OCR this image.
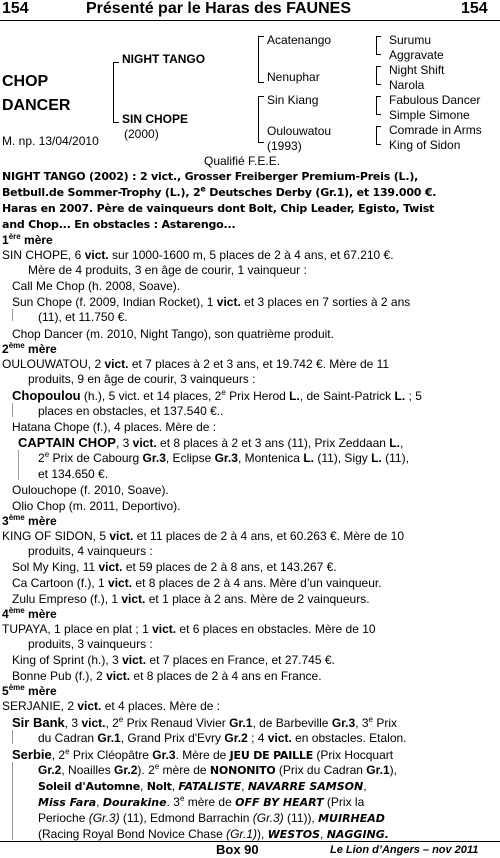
154	Présenté par le Haras des FAUNES	154
CHOP
DANCER
M. np. 13/04/2010
NIGHT TANGO
SIN CHOPE
(2000)
Acatenango
Nenuphar
Sin Kiang
Oulouwatou
(1993)
Surumu
Aggravate
Night Shift
Narola
Fabulous Dancer
Simple Simone
Comrade in Arms
King of Sidon
Qualifié F.E.E.
NIGHT TANGO (2002) : 2 vict., Grosser Freiberger Premium-Preis (L.),
Betbull.de Sommer-Trophy (L.), 2e Deutsches Derby (Gr.1), et 139.000 €.
Haras en 2007. Père de vainqueurs dont Bolt, Chip Leader, Egisto, Twist
and Chop... En obstacles : Astarengo...
1ère mère
SIN CHOPE, 6 vict. sur 1000-1600 m, 5 places de 2 à 4 ans, et 67.210 €.
Mère de 4 produits, 3 en âge de courir, 1 vainqueur :
Call Me Chop (h. 2008, Soave).
Sun Chope (f. 2009, Indian Rocket), 1 vict. et 3 places en 7 sorties à 2 ans
(11), et 11.750 €.
Chop Dancer (m. 2010, Night Tango), son quatrième produit.
2ème mère
OULOUWATOU, 2 vict. et 7 places à 2 et 3 ans, et 19.742 €. Mère de 11
produits, 9 en âge de courir, 3 vainqueurs :
Chopoulou (h.), 5 vict. et 14 places, 2e Prix Herod L., de Saint-Patrick L. ; 5
places en obstacles, et 137.540 €..
Hatana Chope (f.), 4 places. Mère de :
CAPTAIN CHOP, 3 vict. et 8 places à 2 et 3 ans (11), Prix Zeddaan L.,
2e Prix de Cabourg Gr.3, Eclipse Gr.3, Montenica L. (11), Sigy L. (11),
et 134.650 €.
Oulouchope (f. 2010, Soave).
Olio Chop (m. 2011, Deportivo).
3ème mère
KING OF SIDON, 5 vict. et 11 places de 2 à 4 ans, et 60.263 €. Mère de 10
produits, 4 vainqueurs :
Sol My King, 11 vict. et 59 places de 2 à 8 ans, et 143.267 €.
Ca Cartoon (f.), 1 vict. et 8 places de 2 à 4 ans. Mère d’un vainqueur.
Zulu Empreso (f.), 1 vict. et 1 place à 2 ans. Mère de 2 vainqueurs.
4ème mère
TUPAYA, 1 place en plat ; 1 vict. et 6 places en obstacles. Mère de 10
produits, 3 vainqueurs :
King of Sprint (h.), 3 vict. et 7 places en France, et 27.745 €.
Bonne Pub (f.), 2 vict. et 8 places de 2 à 4 ans en France.
5ème mère
SERJANIE, 2 vict. et 4 places. Mère de :
Sir Bank, 3 vict., 2e Prix Renaud Vivier Gr.1, de Barbeville Gr.3, 3e Prix
du Cadran Gr.1, Grand Prix d'Evry Gr.2 ; 4 vict. en obstacles. Etalon.
Serbie, 2e Prix Cléopâtre Gr.3. Mère de JEU DE PAILLE (Prix Hocquart
Gr.2, Noailles Gr.2). 2e mère de NONONITO (Prix du Cadran Gr.1),
Soleil d'Automne, Nolt, FATALISTE, NAVARRE SAMSON,
Miss Fara, Dourakine. 3e mère de OFF BY HEART (Prix la
Perioche (Gr.3) (11), Edmond Barrachin (Gr.3) (11)), MUIRHEAD
(Racing Royal Bond Novice Chase (Gr.1)), WESTOS, NAGGING.
Box 90	Le Lion d’Angers – nov 2011
